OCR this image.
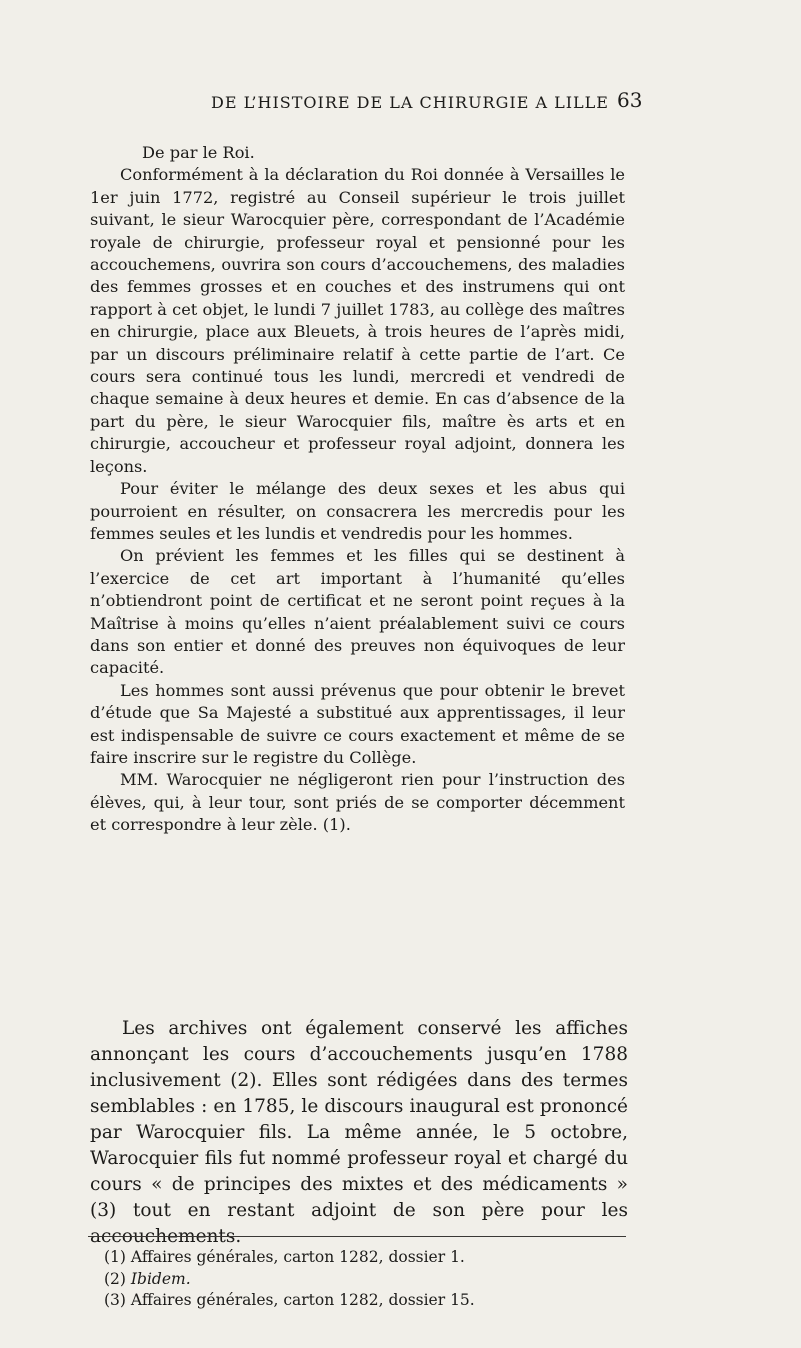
DE L’HISTOIRE DE LA CHIRURGIE A LILLE 63

De par le Roi.

Conformément à la déclaration du Roi donnée à Versailles le 1er juin 1772, registré au Conseil supérieur le trois juillet suivant, le sieur Warocquier père, correspondant de l’Académie royale de chirurgie, professeur royal et pensionné pour les accouchemens, ouvrira son cours d’accouchemens, des maladies des femmes grosses et en couches et des instrumens qui ont rapport à cet objet, le lundi 7 juillet 1783, au collège des maîtres en chirurgie, place aux Bleuets, à trois heures de l’après midi, par un discours préliminaire relatif à cette partie de l’art. Ce cours sera continué tous les lundi, mercredi et vendredi de chaque semaine à deux heures et demie. En cas d’absence de la part du père, le sieur Warocquier fils, maître ès arts et en chirurgie, accoucheur et professeur royal adjoint, donnera les leçons.

Pour éviter le mélange des deux sexes et les abus qui pourroient en résulter, on consacrera les mercredis pour les femmes seules et les lundis et vendredis pour les hommes.

On prévient les femmes et les filles qui se destinent à l’exercice de cet art important à l’humanité qu’elles n’obtiendront point de certificat et ne seront point reçues à la Maîtrise à moins qu’elles n’aient préalablement suivi ce cours dans son entier et donné des preuves non équivoques de leur capacité.

Les hommes sont aussi prévenus que pour obtenir le brevet d’étude que Sa Majesté a substitué aux apprentissages, il leur est indispensable de suivre ce cours exactement et même de se faire inscrire sur le registre du Collège.

MM. Warocquier ne négligeront rien pour l’instruction des élèves, qui, à leur tour, sont priés de se comporter décemment et correspondre à leur zèle. (1).

Les archives ont également conservé les affiches annonçant les cours d’accouchements jusqu’en 1788 inclusivement (2). Elles sont rédigées dans des termes semblables : en 1785, le discours inaugural est prononcé par Warocquier fils. La même année, le 5 octobre, Warocquier fils fut nommé professeur royal et chargé du cours « de principes des mixtes et des médicaments » (3) tout en restant adjoint de son père pour les accouchements.

(1) Affaires générales, carton 1282, dossier 1.
(2) Ibidem.
(3) Affaires générales, carton 1282, dossier 15.
